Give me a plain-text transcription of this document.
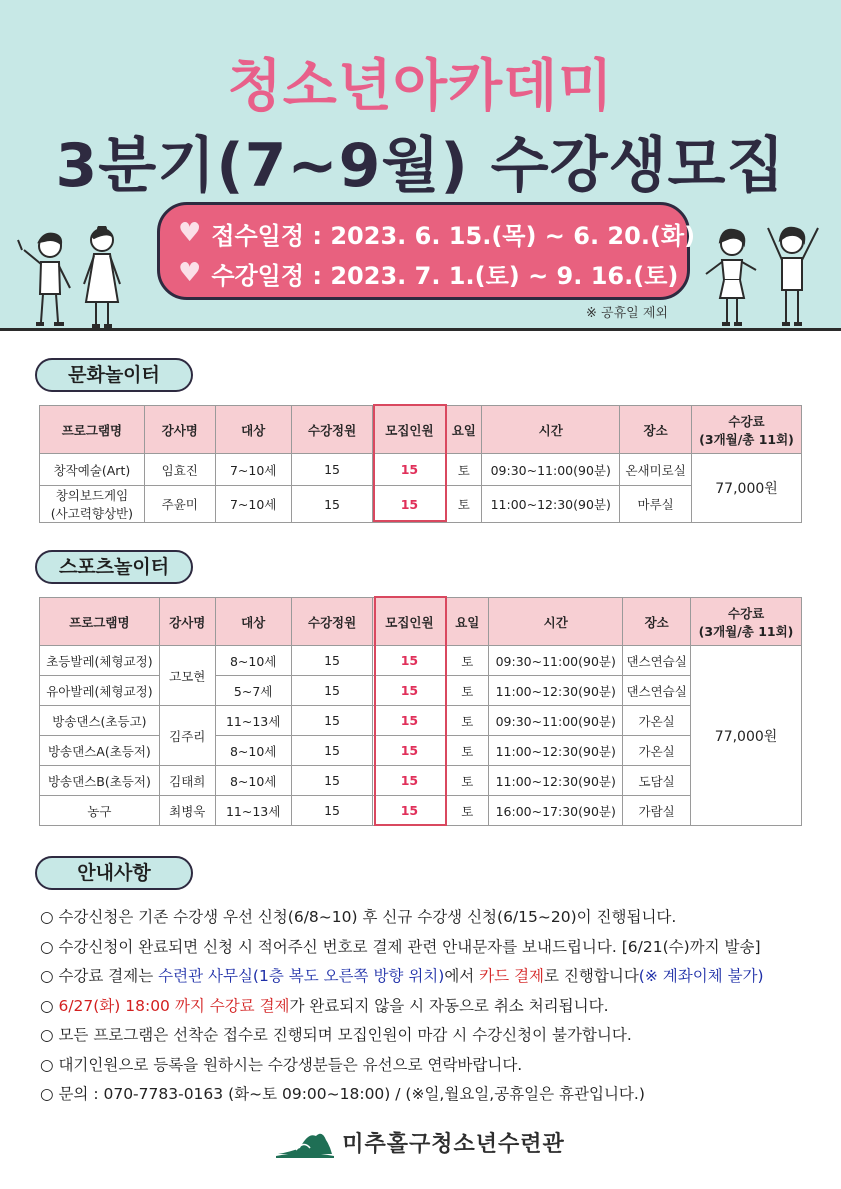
청소년아카데미
3분기(7~9월) 수강생모집
♥ 접수일정 : 2023. 6. 15.(목) ~ 6. 20.(화)
♥ 수강일정 : 2023. 7. 1.(토) ~ 9. 16.(토)
※ 공휴일 제외
문화놀이터
프로그램명	강사명	대상	수강정원	모집인원	요일	시간	장소	수강료
(3개월/총 11회)

창작예술(Art)	임효진	7~10세	15	15	토	09:30~11:00(90분)	온새미로실	77,000원

창의보드게임
(사고력향상반)	주윤미	7~10세	15	15	토	11:00~12:30(90분)	마루실	
스포츠놀이터
프로그램명	강사명	대상	수강정원	모집인원	요일	시간	장소	수강료
(3개월/총 11회)

초등발레(체형교정)	고모현	8~10세	15	15	토	09:30~11:00(90분)	댄스연습실	77,000원
유아발레(체형교정)		5~7세	15	15	토	11:00~12:30(90분)	댄스연습실	
방송댄스(초등고)	김주리	11~13세	15	15	토	09:30~11:00(90분)	가온실	
방송댄스A(초등저)		8~10세	15	15	토	11:00~12:30(90분)	가온실	
방송댄스B(초등저)	김태희	8~10세	15	15	토	11:00~12:30(90분)	도담실	
농구	최병욱	11~13세	15	15	토	16:00~17:30(90분)	가람실	
안내사항

○ 수강신청은 기존 수강생 우선 신청(6/8~10) 후 신규 수강생 신청(6/15~20)이 진행됩니다.

○ 수강신청이 완료되면 신청 시 적어주신 번호로 결제 관련 안내문자를 보내드립니다. [6/21(수)까지 발송]

○ 수강료 결제는 수련관 사무실(1층 복도 오른쪽 방향 위치)에서 카드 결제로 진행합니다(※ 계좌이체 불가)

○ 6/27(화) 18:00 까지 수강료 결제가 완료되지 않을 시 자동으로 취소 처리됩니다.

○ 모든 프로그램은 선착순 접수로 진행되며 모집인원이 마감 시 수강신청이 불가합니다.

○ 대기인원으로 등록을 원하시는 수강생분들은 유선으로 연락바랍니다.

○ 문의 : 070-7783-0163 (화~토 09:00~18:00) / (※일,월요일,공휴일은 휴관입니다.)

미추홀구청소년수련관
